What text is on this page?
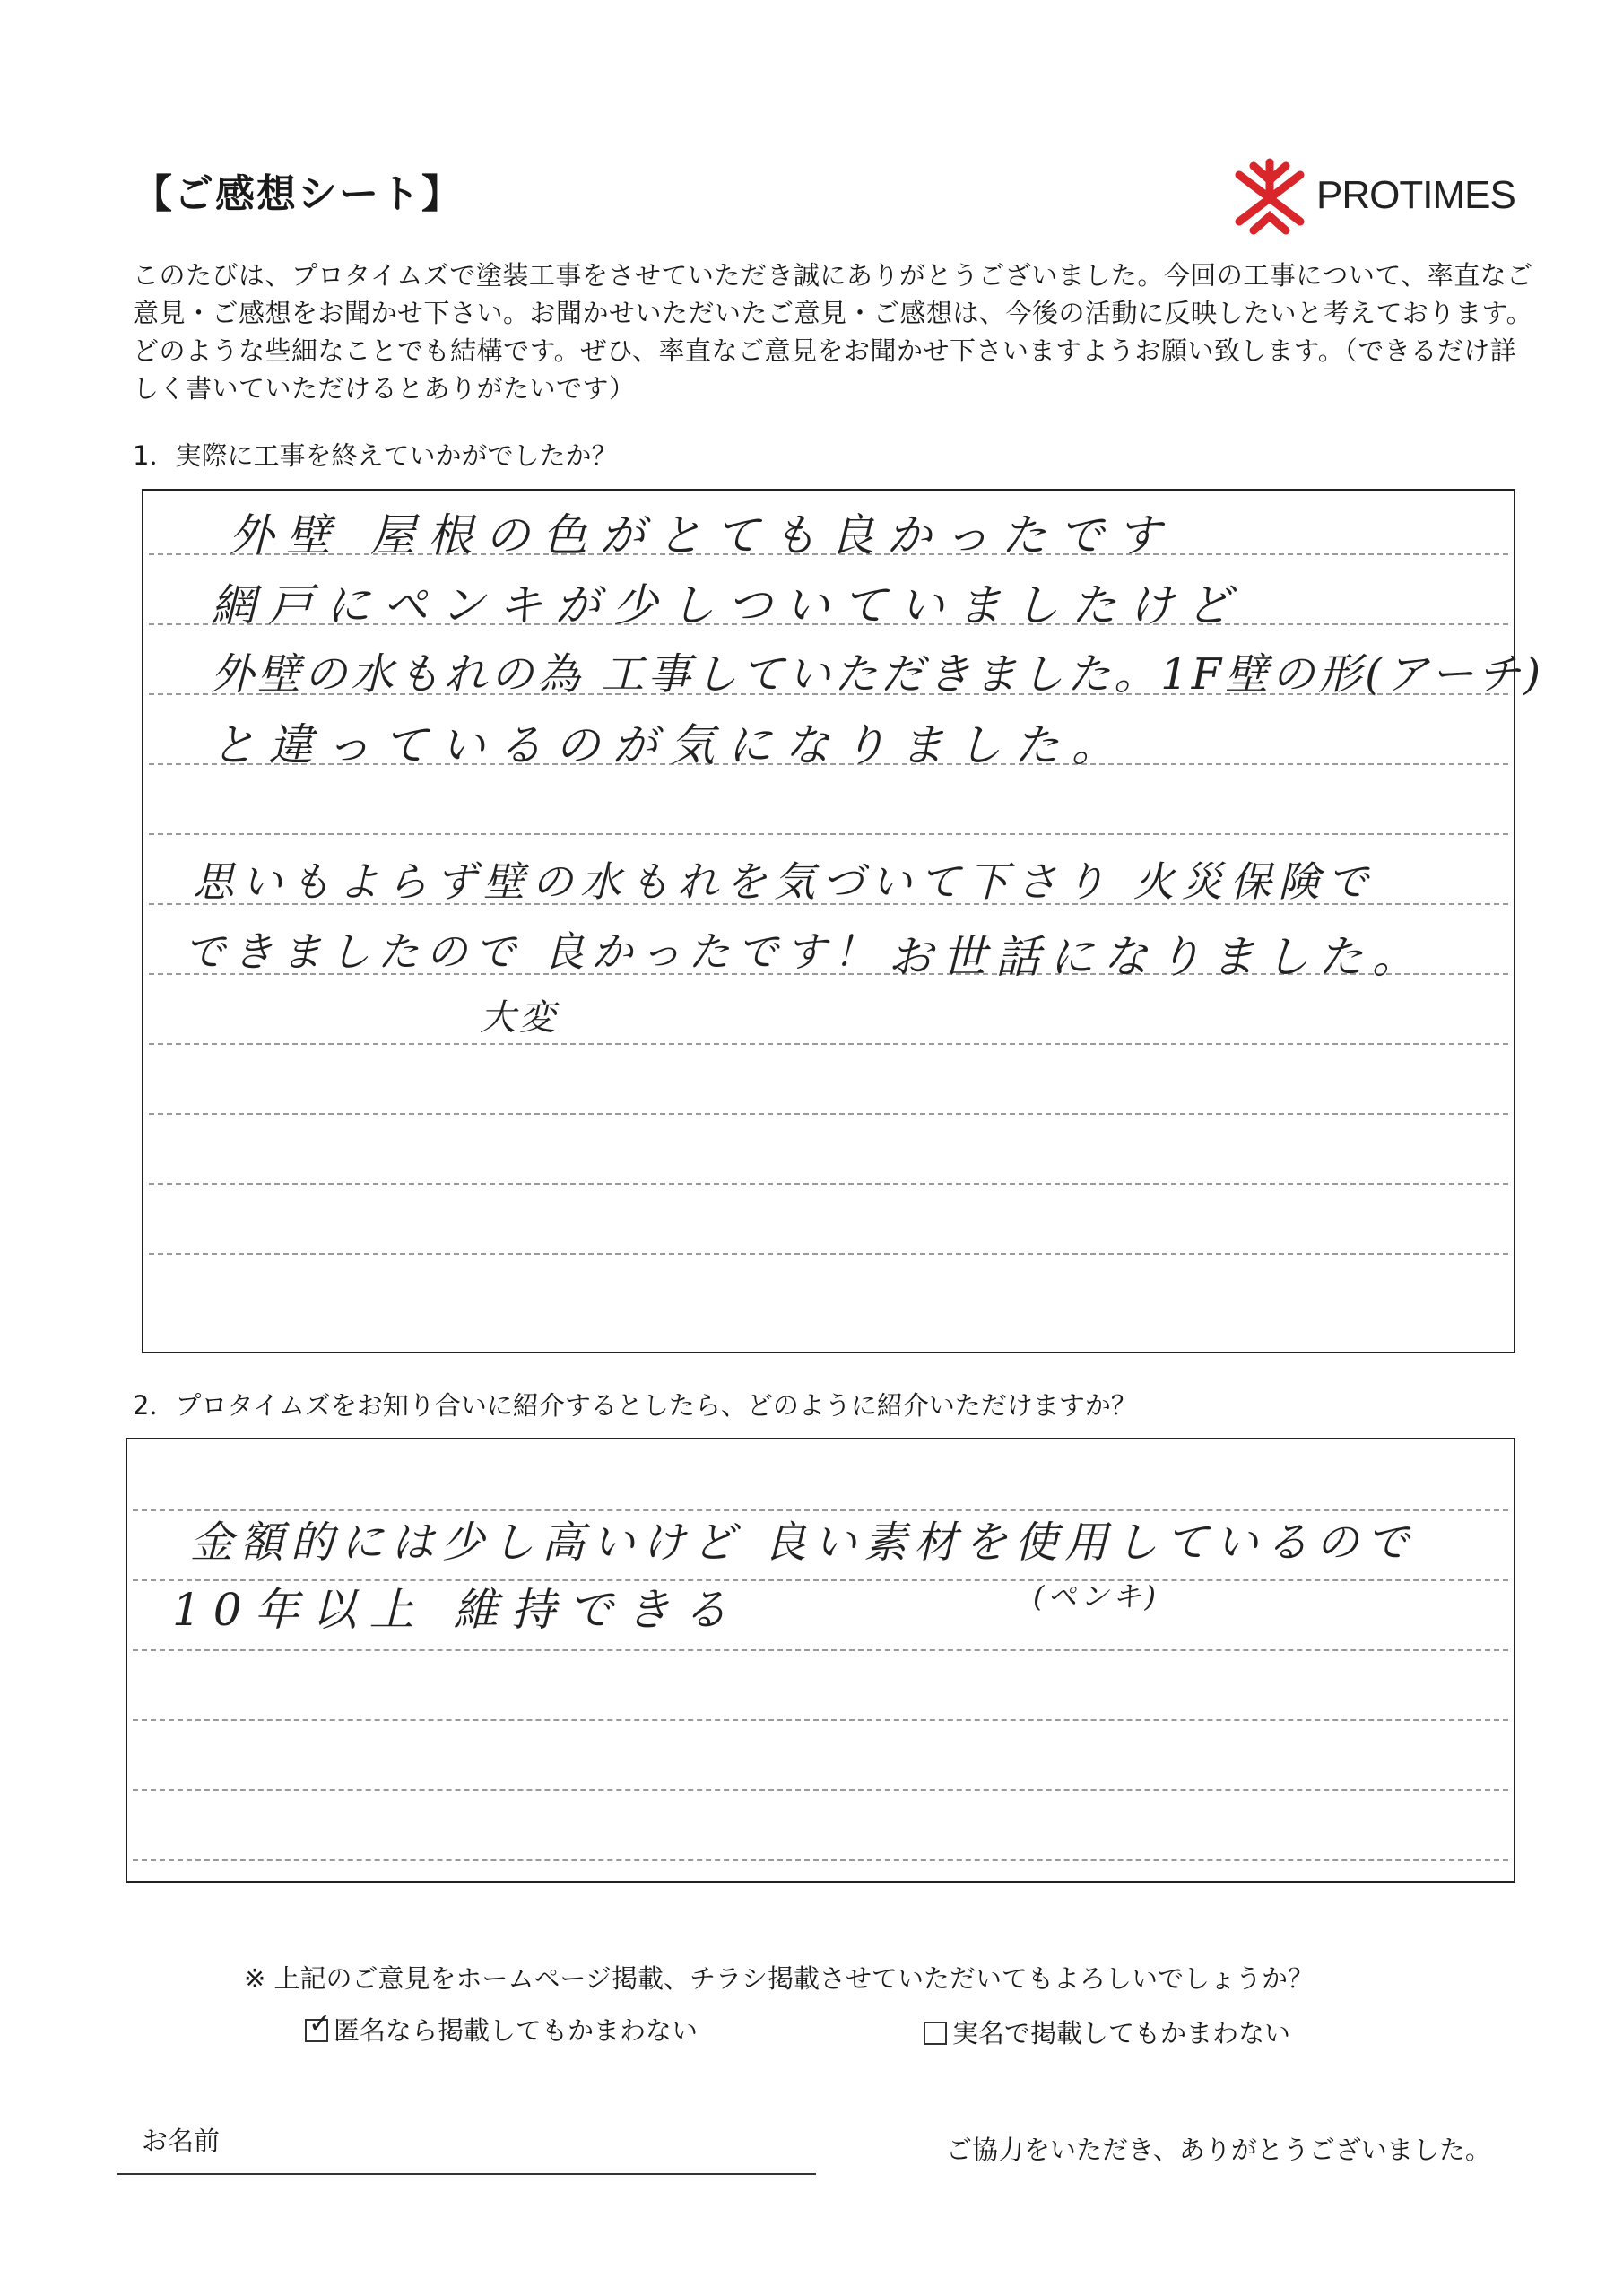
【ご感想シート】	PROTIMES
このたびは、プロタイムズで塗装工事をさせていただき誠にありがとうございました。今回の工事について、率直なご意見・ご感想をお聞かせ下さい。お聞かせいただいたご意見・ご感想は、今後の活動に反映したいと考えております。どのような些細なことでも結構です。ぜひ、率直なご意見をお聞かせ下さいますようお願い致します。（できるだけ詳しく書いていただけるとありがたいです）
1．実際に工事を終えていかがでしたか？
外壁 屋根の色がとても良かったです
網戸にペンキが少しついていましたけど
外壁の水もれの為 工事していただきました。1F壁の形(アーチ)
と違っているのが気になりました。
思いもよらず壁の水もれを気づいて下さり 火災保険で
できましたので 良かったです！ お世話になりました。
大変
2．プロタイムズをお知り合いに紹介するとしたら、どのように紹介いただけますか？
金額的には少し高いけど 良い素材を使用しているので
10年以上 維持できる	(ペンキ)
※ 上記のご意見をホームページ掲載、チラシ掲載させていただいてもよろしいでしょうか？
✓ 匿名なら掲載してもかまわない	実名で掲載してもかまわない
お名前	ご協力をいただき、ありがとうございました。
